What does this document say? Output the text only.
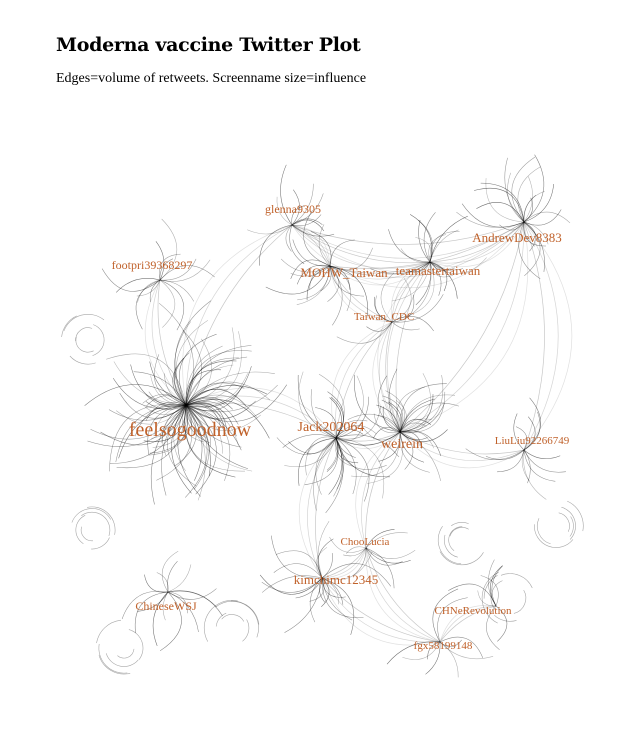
Moderna vaccine Twitter Plot
Edges=volume of retweets. Screenname size=influence
feelsogoodnow	Jack202064
weirein
AndrewDev8383
teamastertaiwan
MOHW_Taiwan
kimchimc12345
glenna9305
footpri39368297
Taiwan_CDC
LiuLiu92266749
ChooLucia
ChineseWSJ	CHNeRevolution
fgx58199148
